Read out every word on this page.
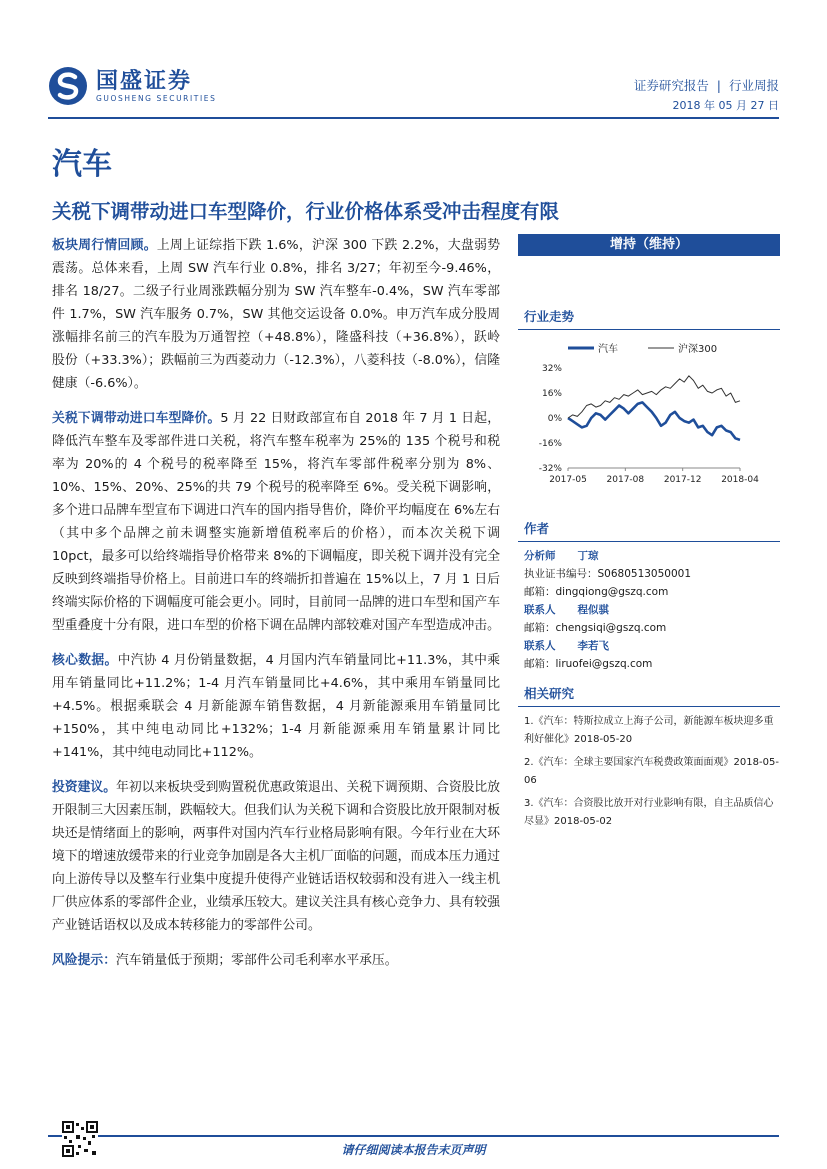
国盛证券
GUOSHENG SECURITIES
证券研究报告  |  行业周报
2018 年 05 月 27 日
汽车
关税下调带动进口车型降价，行业价格体系受冲击程度有限

板块周行情回顾。上周上证综指下跌 1.6%，沪深 300 下跌 2.2%，大盘弱势震荡。总体来看，上周 SW 汽车行业 0.8%，排名 3/27；年初至今-9.46%，排名 18/27。二级子行业周涨跌幅分别为 SW 汽车整车-0.4%，SW 汽车零部件 1.7%，SW 汽车服务 0.7%，SW 其他交运设备 0.0%。申万汽车成分股周涨幅排名前三的汽车股为万通智控（+48.8%），隆盛科技（+36.8%），跃岭股份（+33.3%）；跌幅前三为西菱动力（-12.3%），八菱科技（-8.0%），信隆健康（-6.6%）。

关税下调带动进口车型降价。5 月 22 日财政部宣布自 2018 年 7 月 1 日起，降低汽车整车及零部件进口关税，将汽车整车税率为 25%的 135 个税号和税率为 20%的 4 个税号的税率降至 15%，将汽车零部件税率分别为 8%、10%、15%、20%、25%的共 79 个税号的税率降至 6%。受关税下调影响，多个进口品牌车型宣布下调进口汽车的国内指导售价，降价平均幅度在 6%左右（其中多个品牌之前未调整实施新增值税率后的价格），而本次关税下调 10pct，最多可以给终端指导价格带来 8%的下调幅度，即关税下调并没有完全反映到终端指导价格上。目前进口车的终端折扣普遍在 15%以上，7 月 1 日后终端实际价格的下调幅度可能会更小。同时，目前同一品牌的进口车型和国产车型重叠度十分有限，进口车型的价格下调在品牌内部较难对国产车型造成冲击。

核心数据。中汽协 4 月份销量数据，4 月国内汽车销量同比+11.3%，其中乘用车销量同比+11.2%；1-4 月汽车销量同比+4.6%，其中乘用车销量同比+4.5%。根据乘联会 4 月新能源车销售数据，4 月新能源乘用车销量同比+150%，其中纯电动同比+132%；1-4 月新能源乘用车销量累计同比+141%，其中纯电动同比+112%。

投资建议。年初以来板块受到购置税优惠政策退出、关税下调预期、合资股比放开限制三大因素压制，跌幅较大。但我们认为关税下调和合资股比放开限制对板块还是情绪面上的影响，两事件对国内汽车行业格局影响有限。今年行业在大环境下的增速放缓带来的行业竞争加剧是各大主机厂面临的问题，而成本压力通过向上游传导以及整车行业集中度提升使得产业链话语权较弱和没有进入一线主机厂供应体系的零部件企业，业绩承压较大。建议关注具有核心竞争力、具有较强产业链话语权以及成本转移能力的零部件公司。

风险提示：汽车销量低于预期；零部件公司毛利率水平承压。

增持（维持）
行业走势
汽车	沪深300
32%
16%
0%
-16%
-32%
2017-05 2017-08 2017-12 2018-04
作者
分析师 丁琼
执业证书编号：S0680513050001
邮箱：dingqiong@gszq.com
联系人 程似骐
邮箱：chengsiqi@gszq.com
联系人 李若飞
邮箱：liruofei@gszq.com
相关研究
1.《汽车：特斯拉成立上海子公司，新能源车板块迎多重利好催化》2018-05-20
2.《汽车：全球主要国家汽车税费政策面面观》2018-05-06
3.《汽车：合资股比放开对行业影响有限，自主品质信心尽显》2018-05-02
请仔细阅读本报告末页声明
